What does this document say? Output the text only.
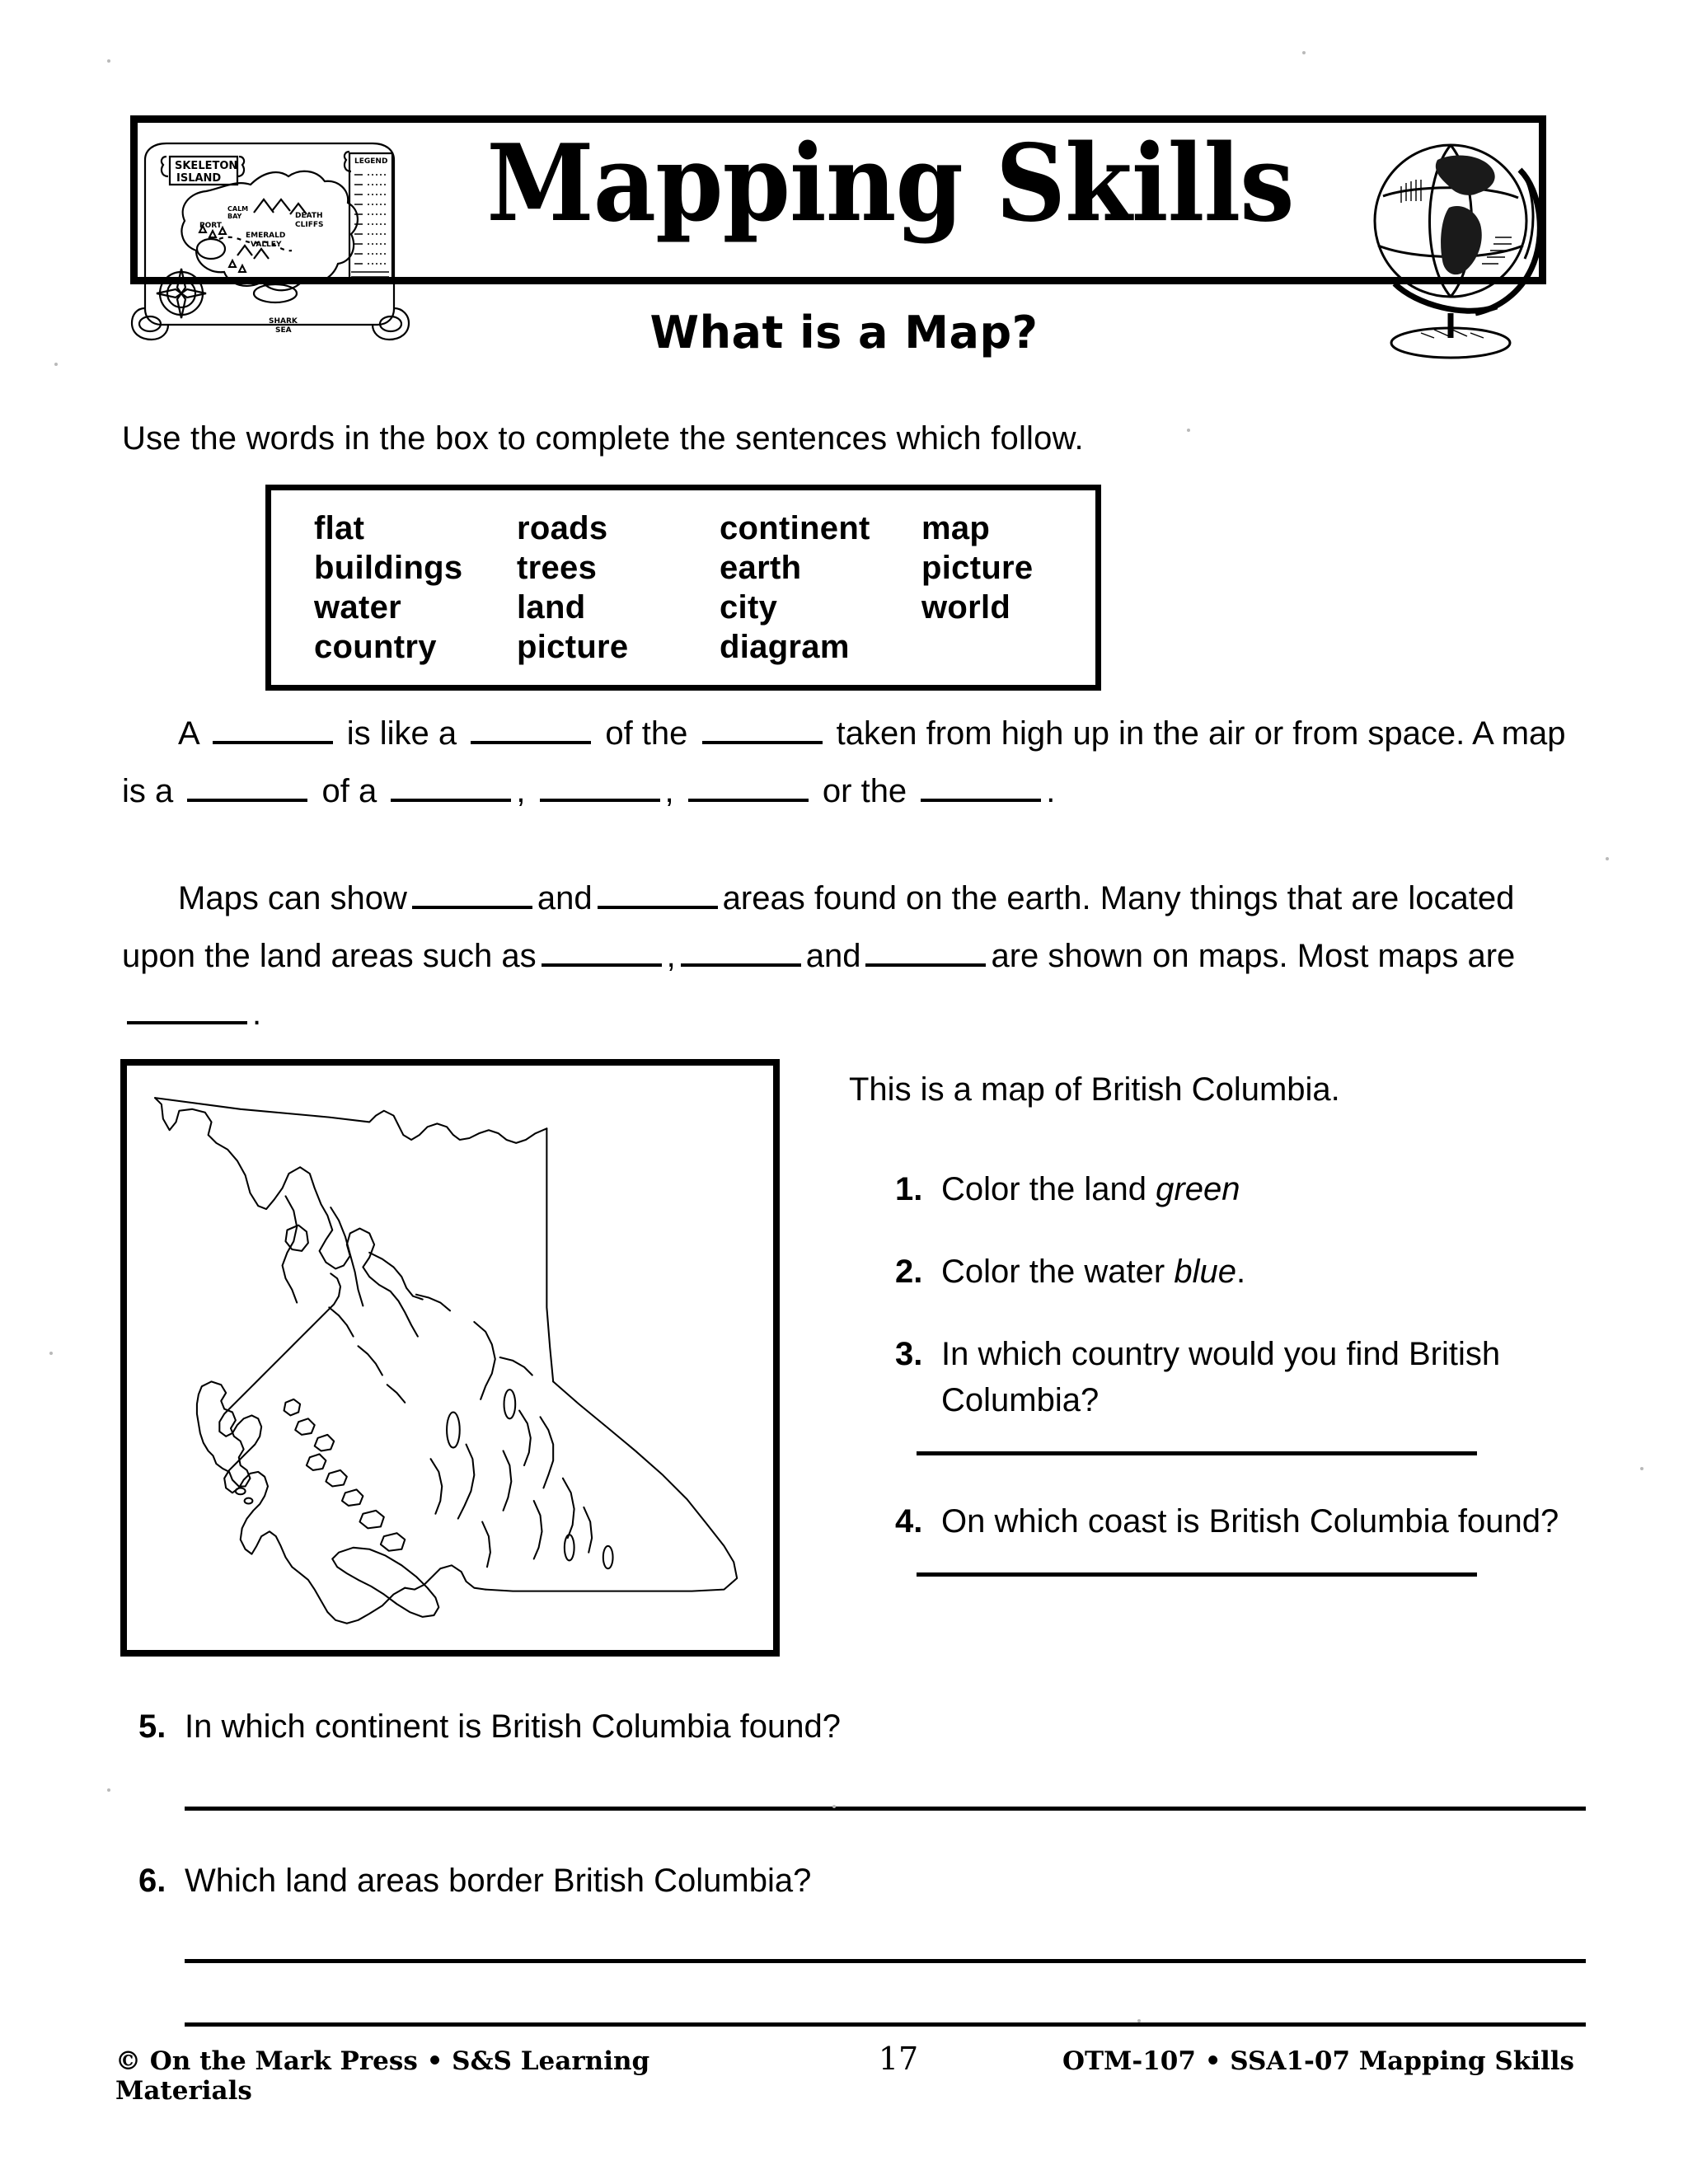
SKELETON
ISLAND
LEGEND
DEATH
CLIFFS
EMERALD
VALLEY
PORT
CALM
BAY
SHARK
SEA
Mapping Skills
What is a Map?
Use the words in the box to complete the sentences which follow.
flat	roads	continent	map
buildings	trees	earth	picture
water	land	city	world
country	picture	diagram
A	is like a	of the	taken from high up in the air or from space. A map is a	of a	,	,	or the	.
Maps can show	and	areas found on the earth. Many things that are located upon the land areas such as	,	and	are shown on maps. Most maps are.
This is a map of British Columbia.
1. Color the land green
2. Color the water blue.
3. In which country would you find British Columbia?
4. On which coast is British Columbia found?
5. In which continent is British Columbia found?
6. Which land areas border British Columbia?
© On the Mark Press • S&S Learning Materials
17	OTM-107 • SSA1-07 Mapping Skills
